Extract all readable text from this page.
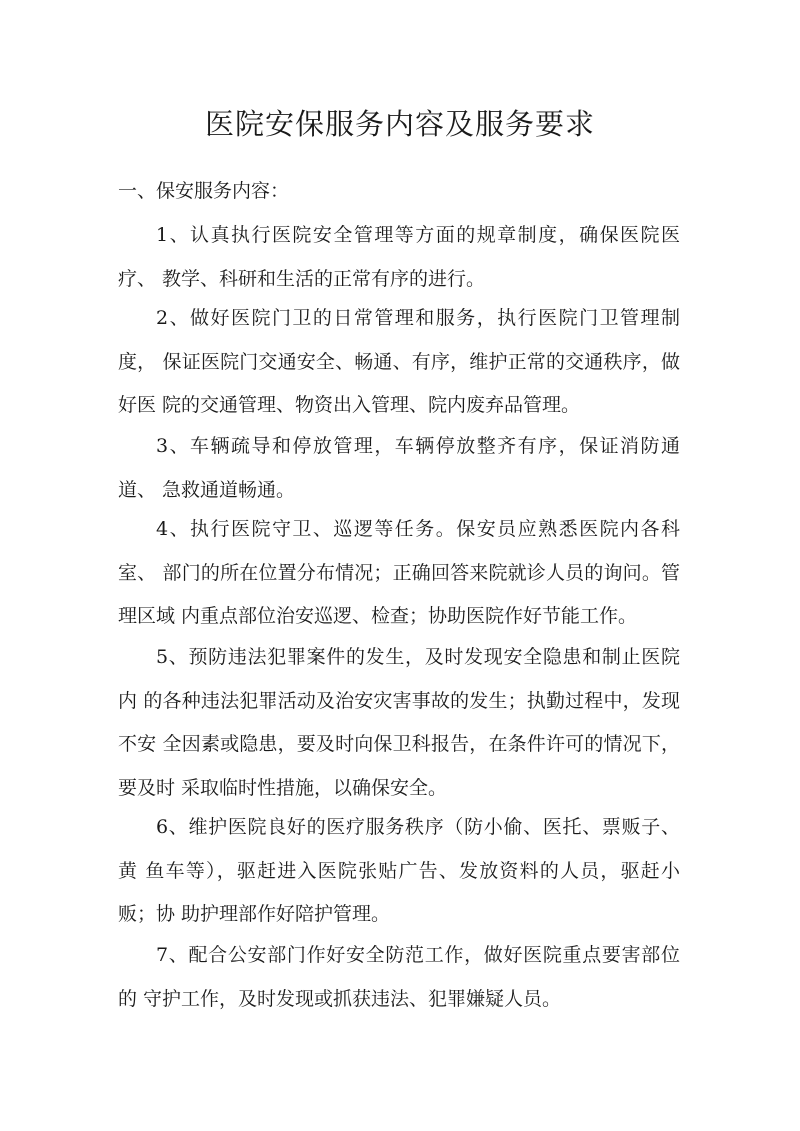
医院安保服务内容及服务要求
一、保安服务内容：

1、认真执行医院安全管理等方面的规章制度，确保医院医疗、 教学、科研和生活的正常有序的进行。

2、做好医院门卫的日常管理和服务，执行医院门卫管理制度， 保证医院门交通安全、畅通、有序，维护正常的交通秩序，做好医 院的交通管理、物资出入管理、院内废弃品管理。

3、车辆疏导和停放管理，车辆停放整齐有序，保证消防通道、 急救通道畅通。

4、执行医院守卫、巡逻等任务。保安员应熟悉医院内各科室、 部门的所在位置分布情况；正确回答来院就诊人员的询问。管理区域 内重点部位治安巡逻、检查；协助医院作好节能工作。

5、预防违法犯罪案件的发生，及时发现安全隐患和制止医院内 的各种违法犯罪活动及治安灾害事故的发生；执勤过程中，发现不安 全因素或隐患，要及时向保卫科报告，在条件许可的情况下，要及时 采取临时性措施，以确保安全。

6、维护医院良好的医疗服务秩序（防小偷、医托、票贩子、黄 鱼车等），驱赶进入医院张贴广告、发放资料的人员，驱赶小贩；协 助护理部作好陪护管理。

7、配合公安部门作好安全防范工作，做好医院重点要害部位的 守护工作，及时发现或抓获违法、犯罪嫌疑人员。
